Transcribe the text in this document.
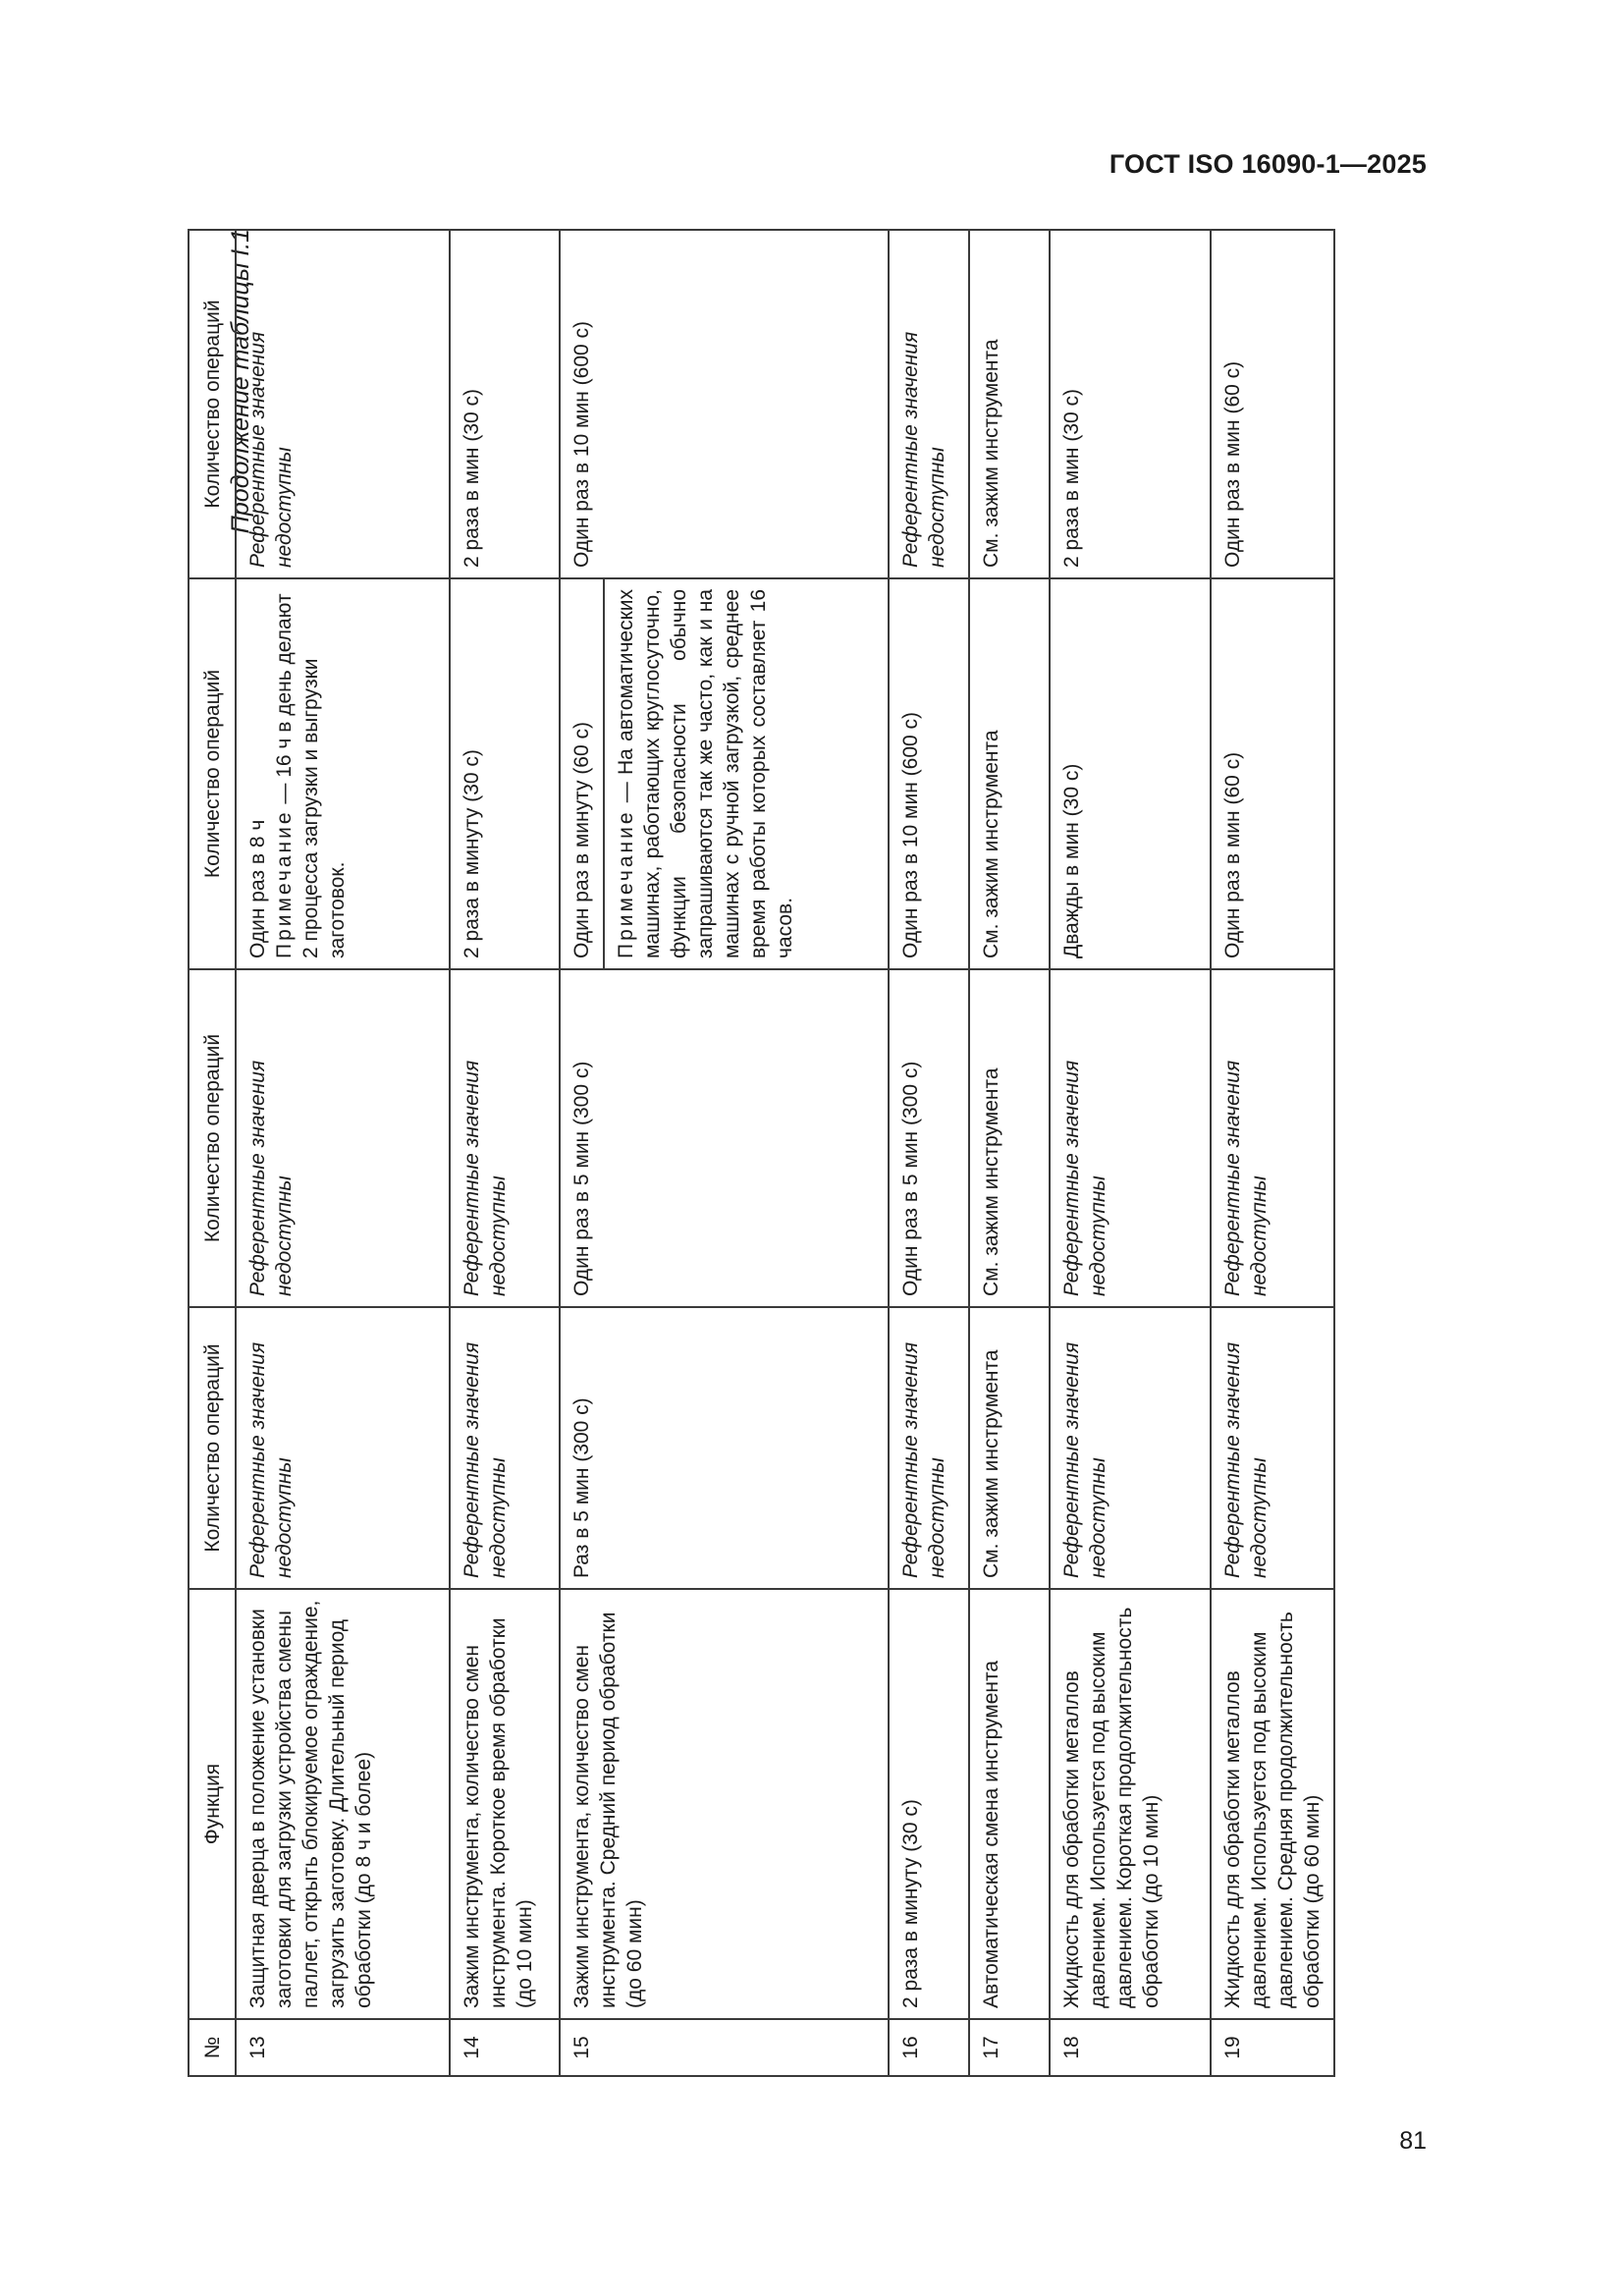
ГОСТ ISO 16090-1—2025
Продолжение таблицы I.1
№	Функция	Количество операций	Количество операций	Количество операций	Количество операций
13	Защитная дверца в положение установки заготовки для загрузки устройства смены паллет, открыть блокируемое ограждение, загрузить заготовку. Длительный период обработки (до 8 ч и более)	Референтные значения недоступны	Референтные значения недоступны	Один раз в 8 ч Примечание — 16 ч в день делают 2 процесса загрузки и выгрузки заготовок.	Референтные значения недоступны
14	Зажим инструмента, количество смен инструмента. Короткое время обработки (до 10 мин)	Референтные значения недоступны	Референтные значения недоступны	2 раза в минуту (30 с)	2 раза в мин (30 с)
15	Зажим инструмента, количество смен инструмента. Средний период обработки (до 60 мин)	Раз в 5 мин (300 с)	Один раз в 5 мин (300 с)	Один раз в минуту (60 с) Примечание — На автоматических машинах, работающих круглосуточно, функции безопасности обычно запрашиваются так же часто, как и на машинах с ручной загрузкой, среднее время работы которых составляет 16 часов.	Один раз в 10 мин (600 с)
16	2 раза в минуту (30 с)	Референтные значения недоступны	Один раз в 5 мин (300 с)	Один раз в 10 мин (600 с)	Референтные значения недоступны
17	Автоматическая смена инструмента	См. зажим инструмента	См. зажим инструмента	См. зажим инструмента	См. зажим инструмента
18	Жидкость для обработки металлов давлением. Используется под высоким давлением. Короткая продолжительность обработки (до 10 мин)	Референтные значения недоступны	Референтные значения недоступны	Дважды в мин (30 с)	2 раза в мин (30 с)
19	Жидкость для обработки металлов давлением. Используется под высоким давлением. Средняя продолжительность обработки (до 60 мин)	Референтные значения недоступны	Референтные значения недоступны	Один раз в мин (60 с)	Один раз в мин (60 с)
81
